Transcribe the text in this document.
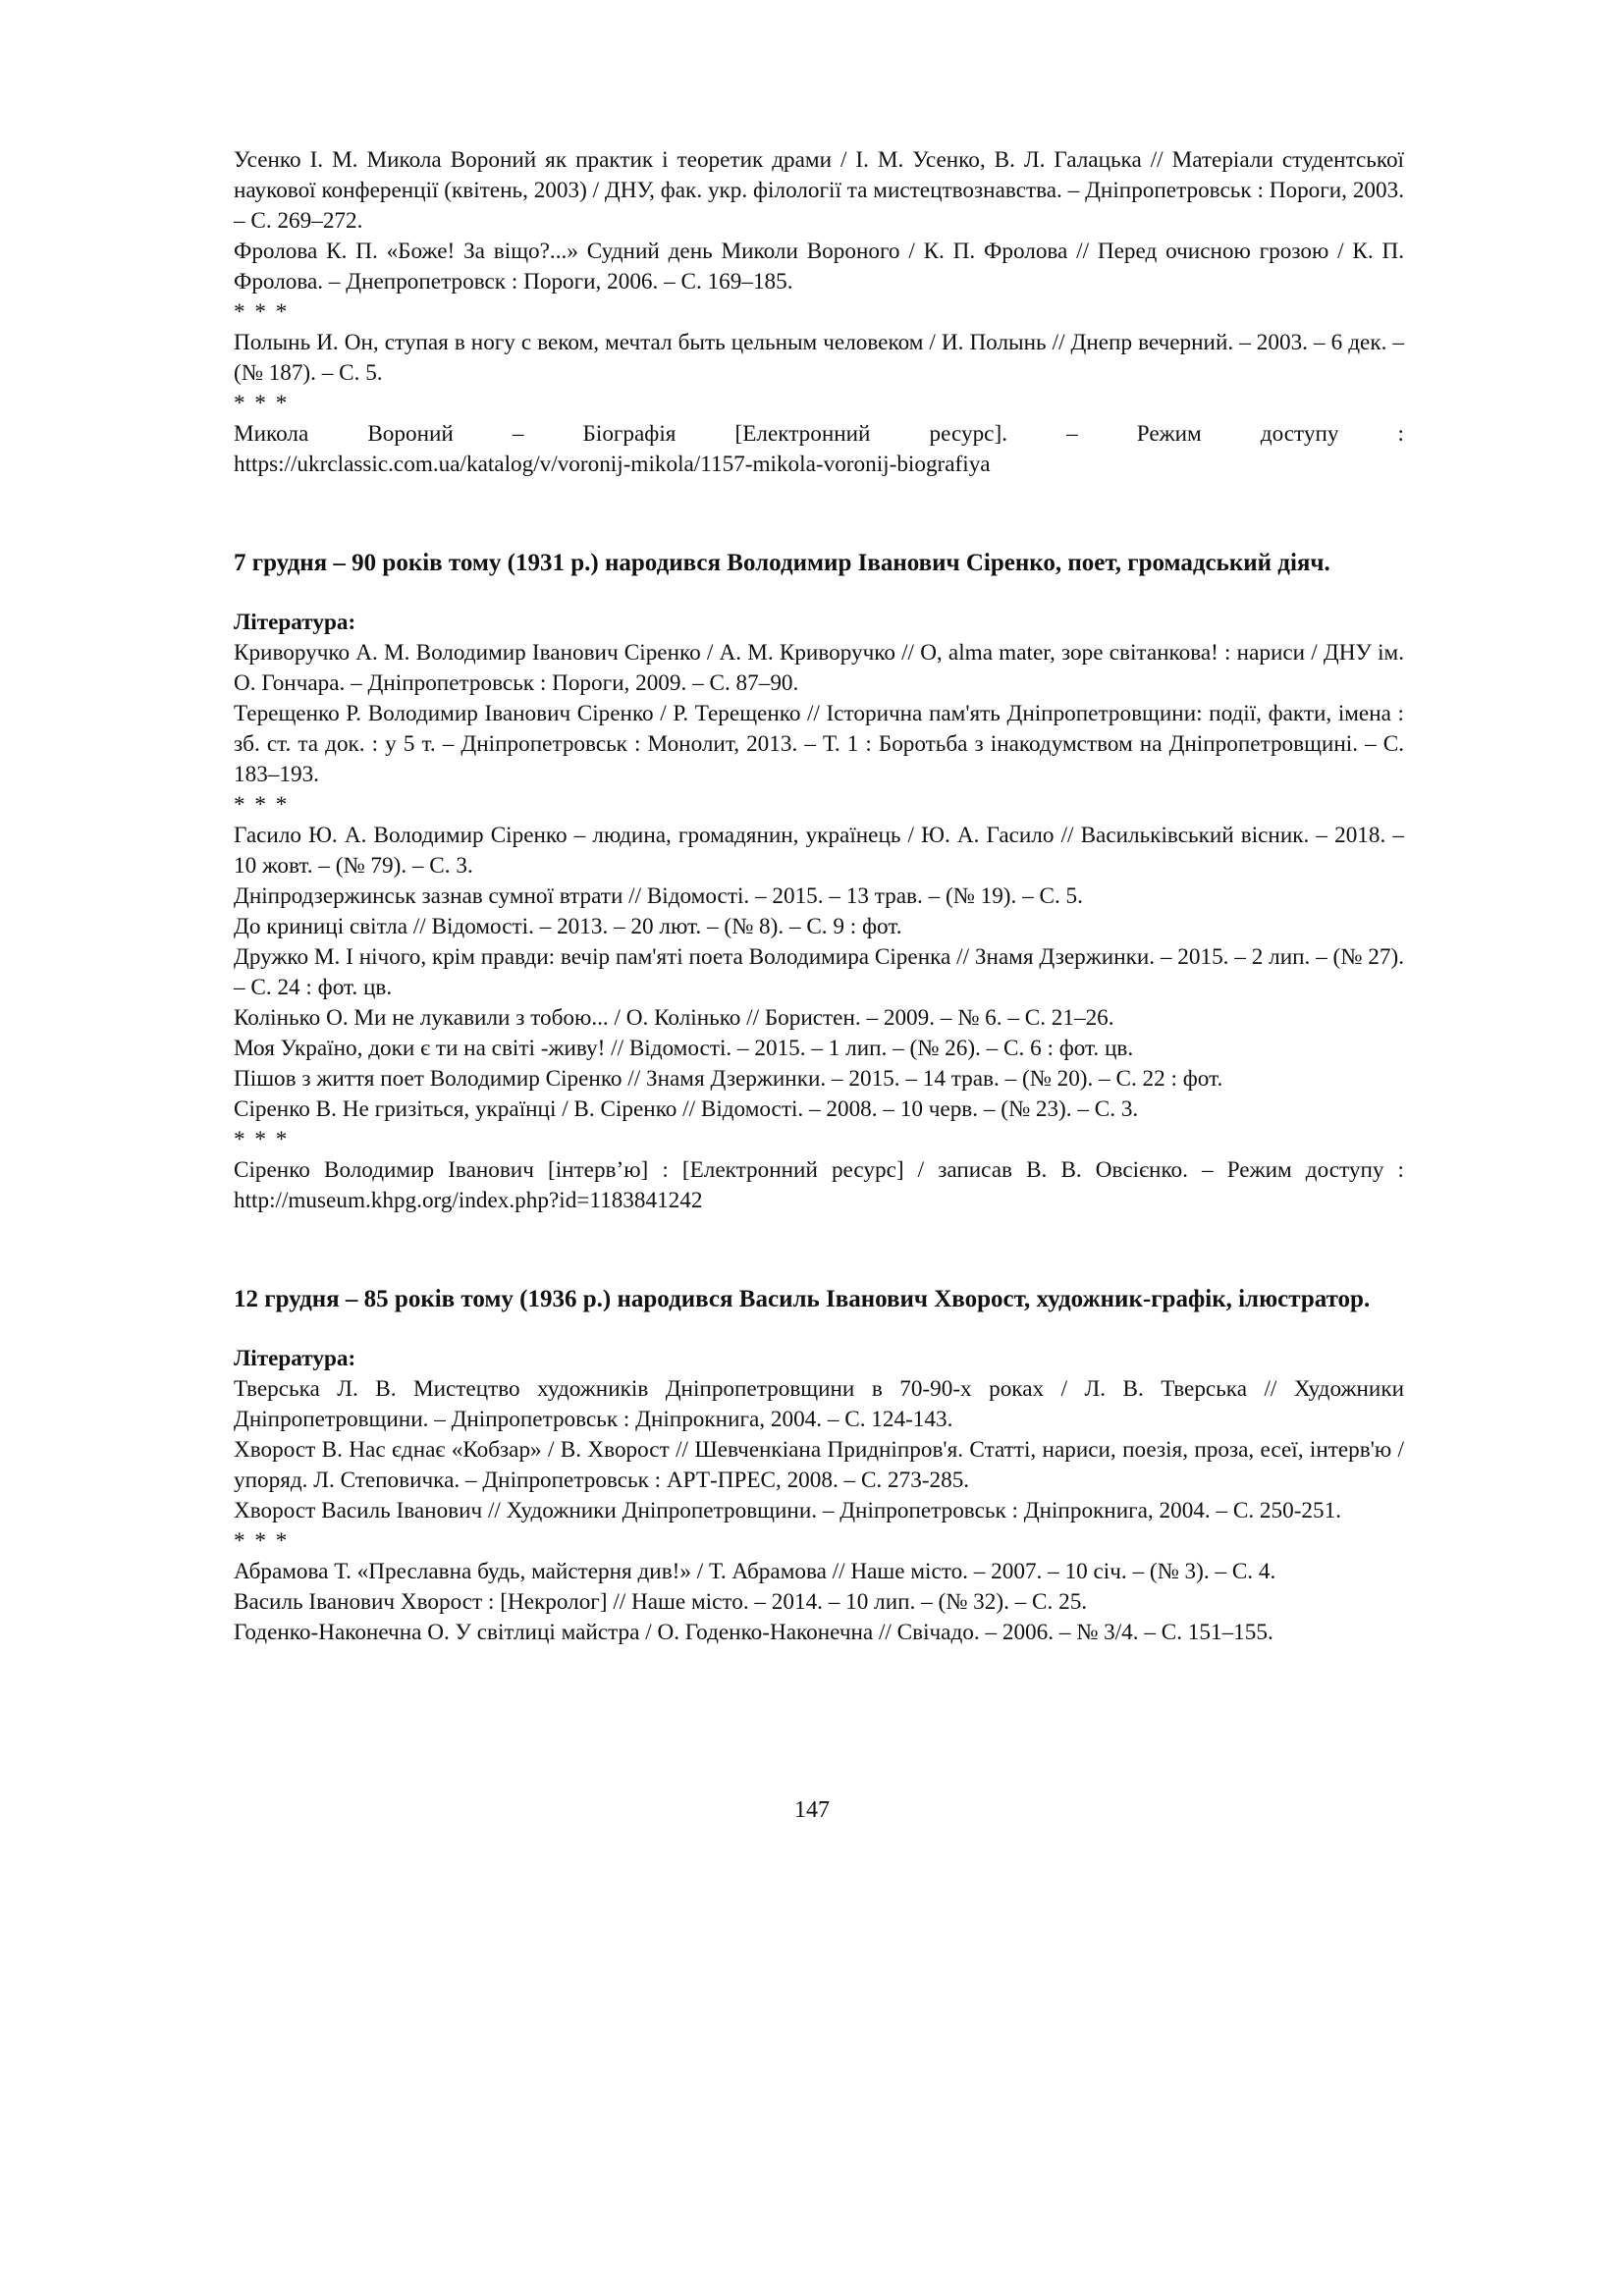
Усенко І. М. Микола Вороний як практик і теоретик драми / І. М. Усенко, В. Л. Галацька // Матеріали студентської наукової конференції (квітень, 2003) / ДНУ, фак. укр. філології та мистецтвознавства. – Дніпропетровськ : Пороги, 2003. – С. 269–272.

Фролова К. П. «Боже! За віщо?...» Судний день Миколи Вороного / К. П. Фролова // Перед очисною грозою / К. П. Фролова. – Днепропетровск : Пороги, 2006. – С. 169–185.

* * *

Полынь И. Он, ступая в ногу с веком, мечтал быть цельным человеком / И. Полынь // Днепр вечерний. – 2003. – 6 дек. – (№ 187). – С. 5.

* * *

Микола Вороний – Біографія [Електронний ресурс]. – Режим доступу :

https://ukrclassic.com.ua/katalog/v/voronij-mikola/1157-mikola-voronij-biografiya

7 грудня – 90 років тому (1931 р.) народився Володимир Іванович Сіренко, поет, громадський діяч.

Література:

Криворучко А. М. Володимир Іванович Сіренко / А. М. Криворучко // О, alma mater, зоре світанкова! : нариси / ДНУ ім. О. Гончара. – Дніпропетровськ : Пороги, 2009. – С. 87–90.

Терещенко Р. Володимир Іванович Сіренко / Р. Терещенко // Історична пам'ять Дніпропетровщини: події, факти, імена : зб. ст. та док. : у 5 т. – Дніпропетровськ : Монолит, 2013. – Т. 1 : Боротьба з інакодумством на Дніпропетровщині. – С. 183–193.

* * *

Гасило Ю. А. Володимир Сіренко – людина, громадянин, українець / Ю. А. Гасило // Васильківський вісник. – 2018. – 10 жовт. – (№ 79). – С. 3.

Дніпродзержинськ зазнав сумної втрати // Відомості. – 2015. – 13 трав. – (№ 19). – С. 5.

До криниці світла // Відомості. – 2013. – 20 лют. – (№ 8). – С. 9 : фот.

Дружко М. І нічого, крім правди: вечір пам'яті поета Володимира Сіренка // Знамя Дзержинки. – 2015. – 2 лип. – (№ 27). – С. 24 : фот. цв.

Колінько О. Ми не лукавили з тобою... / О. Колінько // Бористен. – 2009. – № 6. – С. 21–26.

Моя Україно, доки є ти на світі -живу! // Відомості. – 2015. – 1 лип. – (№ 26). – С. 6 : фот. цв.

Пішов з життя поет Володимир Сіренко // Знамя Дзержинки. – 2015. – 14 трав. – (№ 20). – С. 22 : фот.

Сіренко В. Не гризіться, українці / В. Сіренко // Відомості. – 2008. – 10 черв. – (№ 23). – С. 3.

* * *

Сіренко Володимир Іванович [інтерв’ю] : [Електронний ресурс] / записав В. В. Овсієнко. – Режим доступу : http://museum.khpg.org/index.php?id=1183841242

12 грудня – 85 років тому (1936 р.) народився Василь Іванович Хворост, художник-графік, ілюстратор.

Література:

Тверська Л. В. Мистецтво художників Дніпропетровщини в 70-90-х роках / Л. В. Тверська // Художники Дніпропетровщини. – Дніпропетровськ : Дніпрокнига, 2004. – С. 124-143.

Хворост В. Нас єднає «Кобзар» / В. Хворост // Шевченкіана Придніпров'я. Статті, нариси, поезія, проза, есеї, інтерв'ю / упоряд. Л. Степовичка. – Дніпропетровськ : АРТ-ПРЕС, 2008. – С. 273-285.

Хворост Василь Іванович // Художники Дніпропетровщини. – Дніпропетровськ : Дніпрокнига, 2004. – С. 250-251.

* * *

Абрамова Т. «Преславна будь, майстерня див!» / Т. Абрамова // Наше місто. – 2007. – 10 січ. – (№ 3). – С. 4.

Василь Іванович Хворост : [Некролог] // Наше місто. – 2014. – 10 лип. – (№ 32). – С. 25.

Годенко-Наконечна О. У світлиці майстра / О. Годенко-Наконечна // Свічадо. – 2006. – № 3/4. – С. 151–155.

147
